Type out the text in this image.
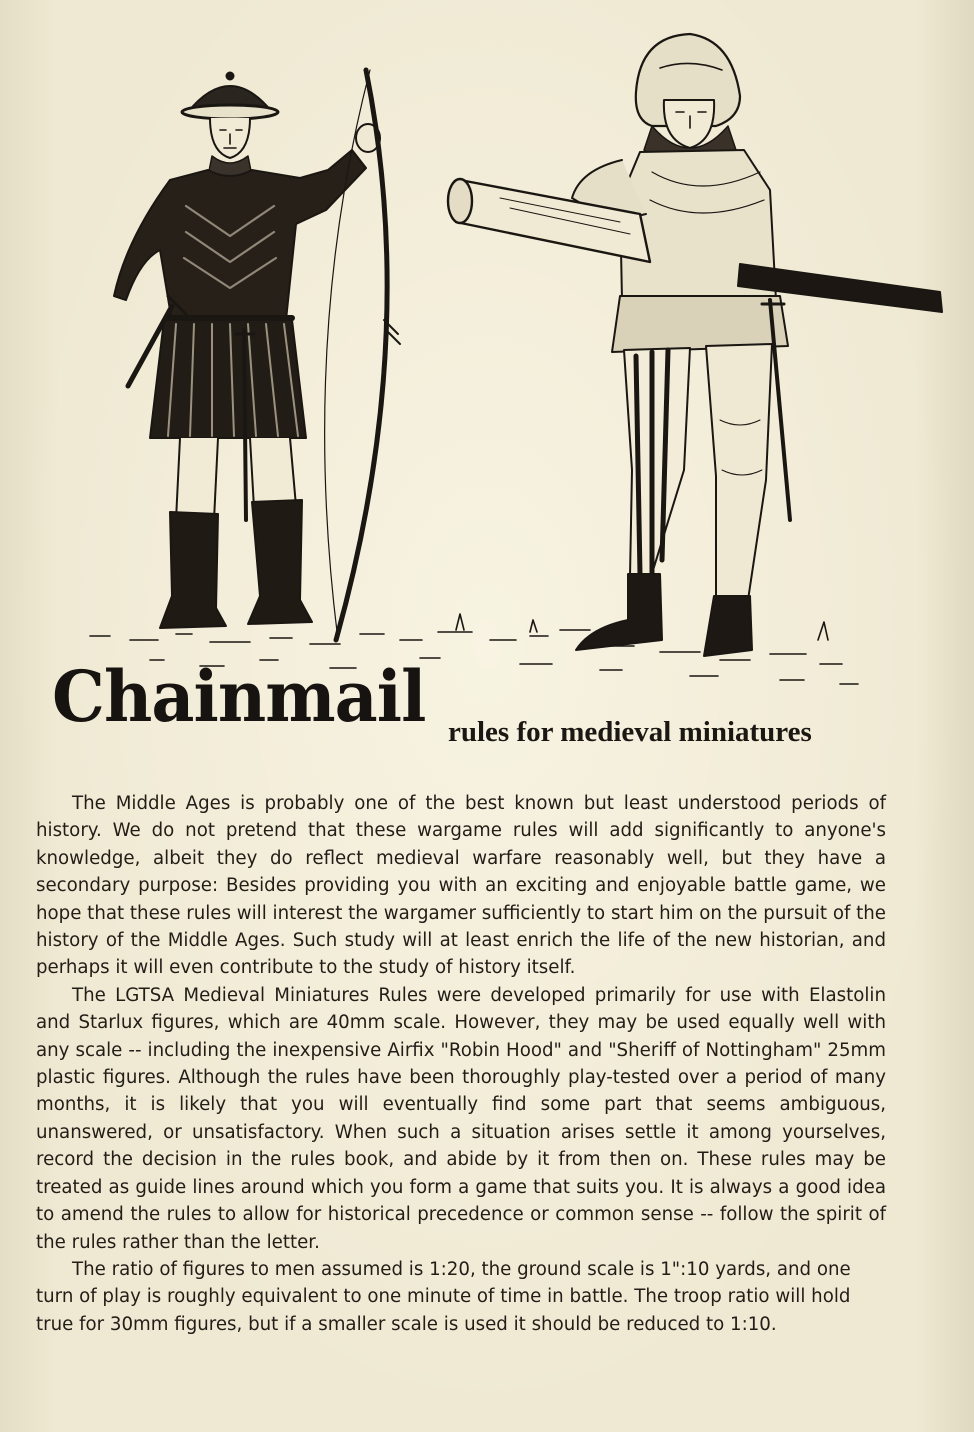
Chainmail rules for medieval miniatures

The Middle Ages is probably one of the best known but least understood periods of history. We do not pretend that these wargame rules will add significantly to anyone's knowledge, albeit they do reflect medieval warfare reasonably well, but they have a secondary purpose: Besides providing you with an exciting and enjoyable battle game, we hope that these rules will interest the wargamer sufficiently to start him on the pursuit of the history of the Middle Ages. Such study will at least enrich the life of the new historian, and perhaps it will even contribute to the study of history itself.

The LGTSA Medieval Miniatures Rules were developed primarily for use with Elastolin and Starlux figures, which are 40mm scale. However, they may be used equally well with any scale -- including the inexpensive Airfix "Robin Hood" and "Sheriff of Nottingham" 25mm plastic figures. Although the rules have been thoroughly play-tested over a period of many months, it is likely that you will eventually find some part that seems ambiguous, unanswered, or unsatisfactory. When such a situation arises settle it among yourselves, record the decision in the rules book, and abide by it from then on. These rules may be treated as guide lines around which you form a game that suits you. It is always a good idea to amend the rules to allow for historical precedence or common sense -- follow the spirit of the rules rather than the letter.

The ratio of figures to men assumed is 1:20, the ground scale is 1":10 yards, and one turn of play is roughly equivalent to one minute of time in battle. The troop ratio will hold true for 30mm figures, but if a smaller scale is used it should be reduced to 1:10.
